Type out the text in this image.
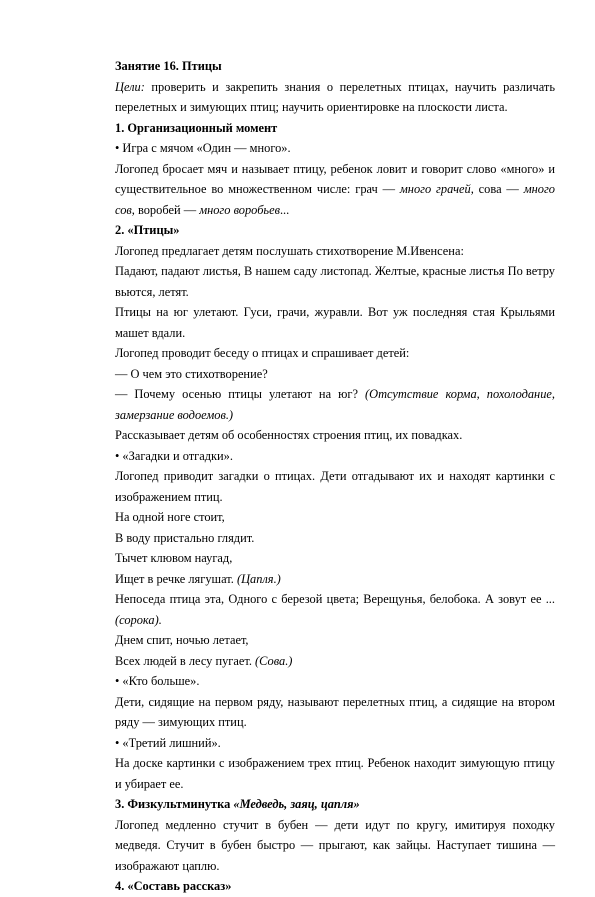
Занятие 16. Птицы

Цели: проверить и закрепить знания о перелетных птицах, научить различать перелетных и зимующих птиц; научить ориентировке на плоскости листа.

1. Организационный момент

• Игра с мячом «Один — много».

Логопед бросает мяч и называет птицу, ребенок ловит и говорит слово «много» и существительное во множественном числе: грач — много грачей, сова — много сов, воробей — много воробьев...

2. «Птицы»

Логопед предлагает детям послушать стихотворение М.Ивенсена:

Падают, падают листья, В нашем саду листопад. Желтые, красные листья По ветру вьются, летят.

Птицы на юг улетают. Гуси, грачи, журавли. Вот уж последняя стая Крыльями машет вдали.

Логопед проводит беседу о птицах и спрашивает детей:

— О чем это стихотворение?

— Почему осенью птицы улетают на юг? (Отсутствие корма, похолодание, замерзание водоемов.)

Рассказывает детям об особенностях строения птиц, их повадках.

• «Загадки и отгадки».

Логопед приводит загадки о птицах. Дети отгадывают их и находят картинки с изображением птиц.

На одной ноге стоит,

В воду пристально глядит.

Тычет клювом наугад,

Ищет в речке лягушат. (Цапля.)

Непоседа птица эта, Одного с березой цвета; Верещунья, белобока. А зовут ее ... (сорока).

Днем спит, ночью летает,

Всех людей в лесу пугает. (Сова.)

• «Кто больше».

Дети, сидящие на первом ряду, называют перелетных птиц, а сидящие на втором ряду — зимующих птиц.

• «Третий лишний».

На доске картинки с изображением трех птиц. Ребенок находит зимующую птицу и убирает ее.

3. Физкультминутка «Медведь, заяц, цапля»

Логопед медленно стучит в бубен — дети идут по кругу, имитируя походку медведя. Стучит в бубен быстро — прыгают, как зайцы. Наступает тишина — изображают цаплю.

4. «Составь рассказ»
